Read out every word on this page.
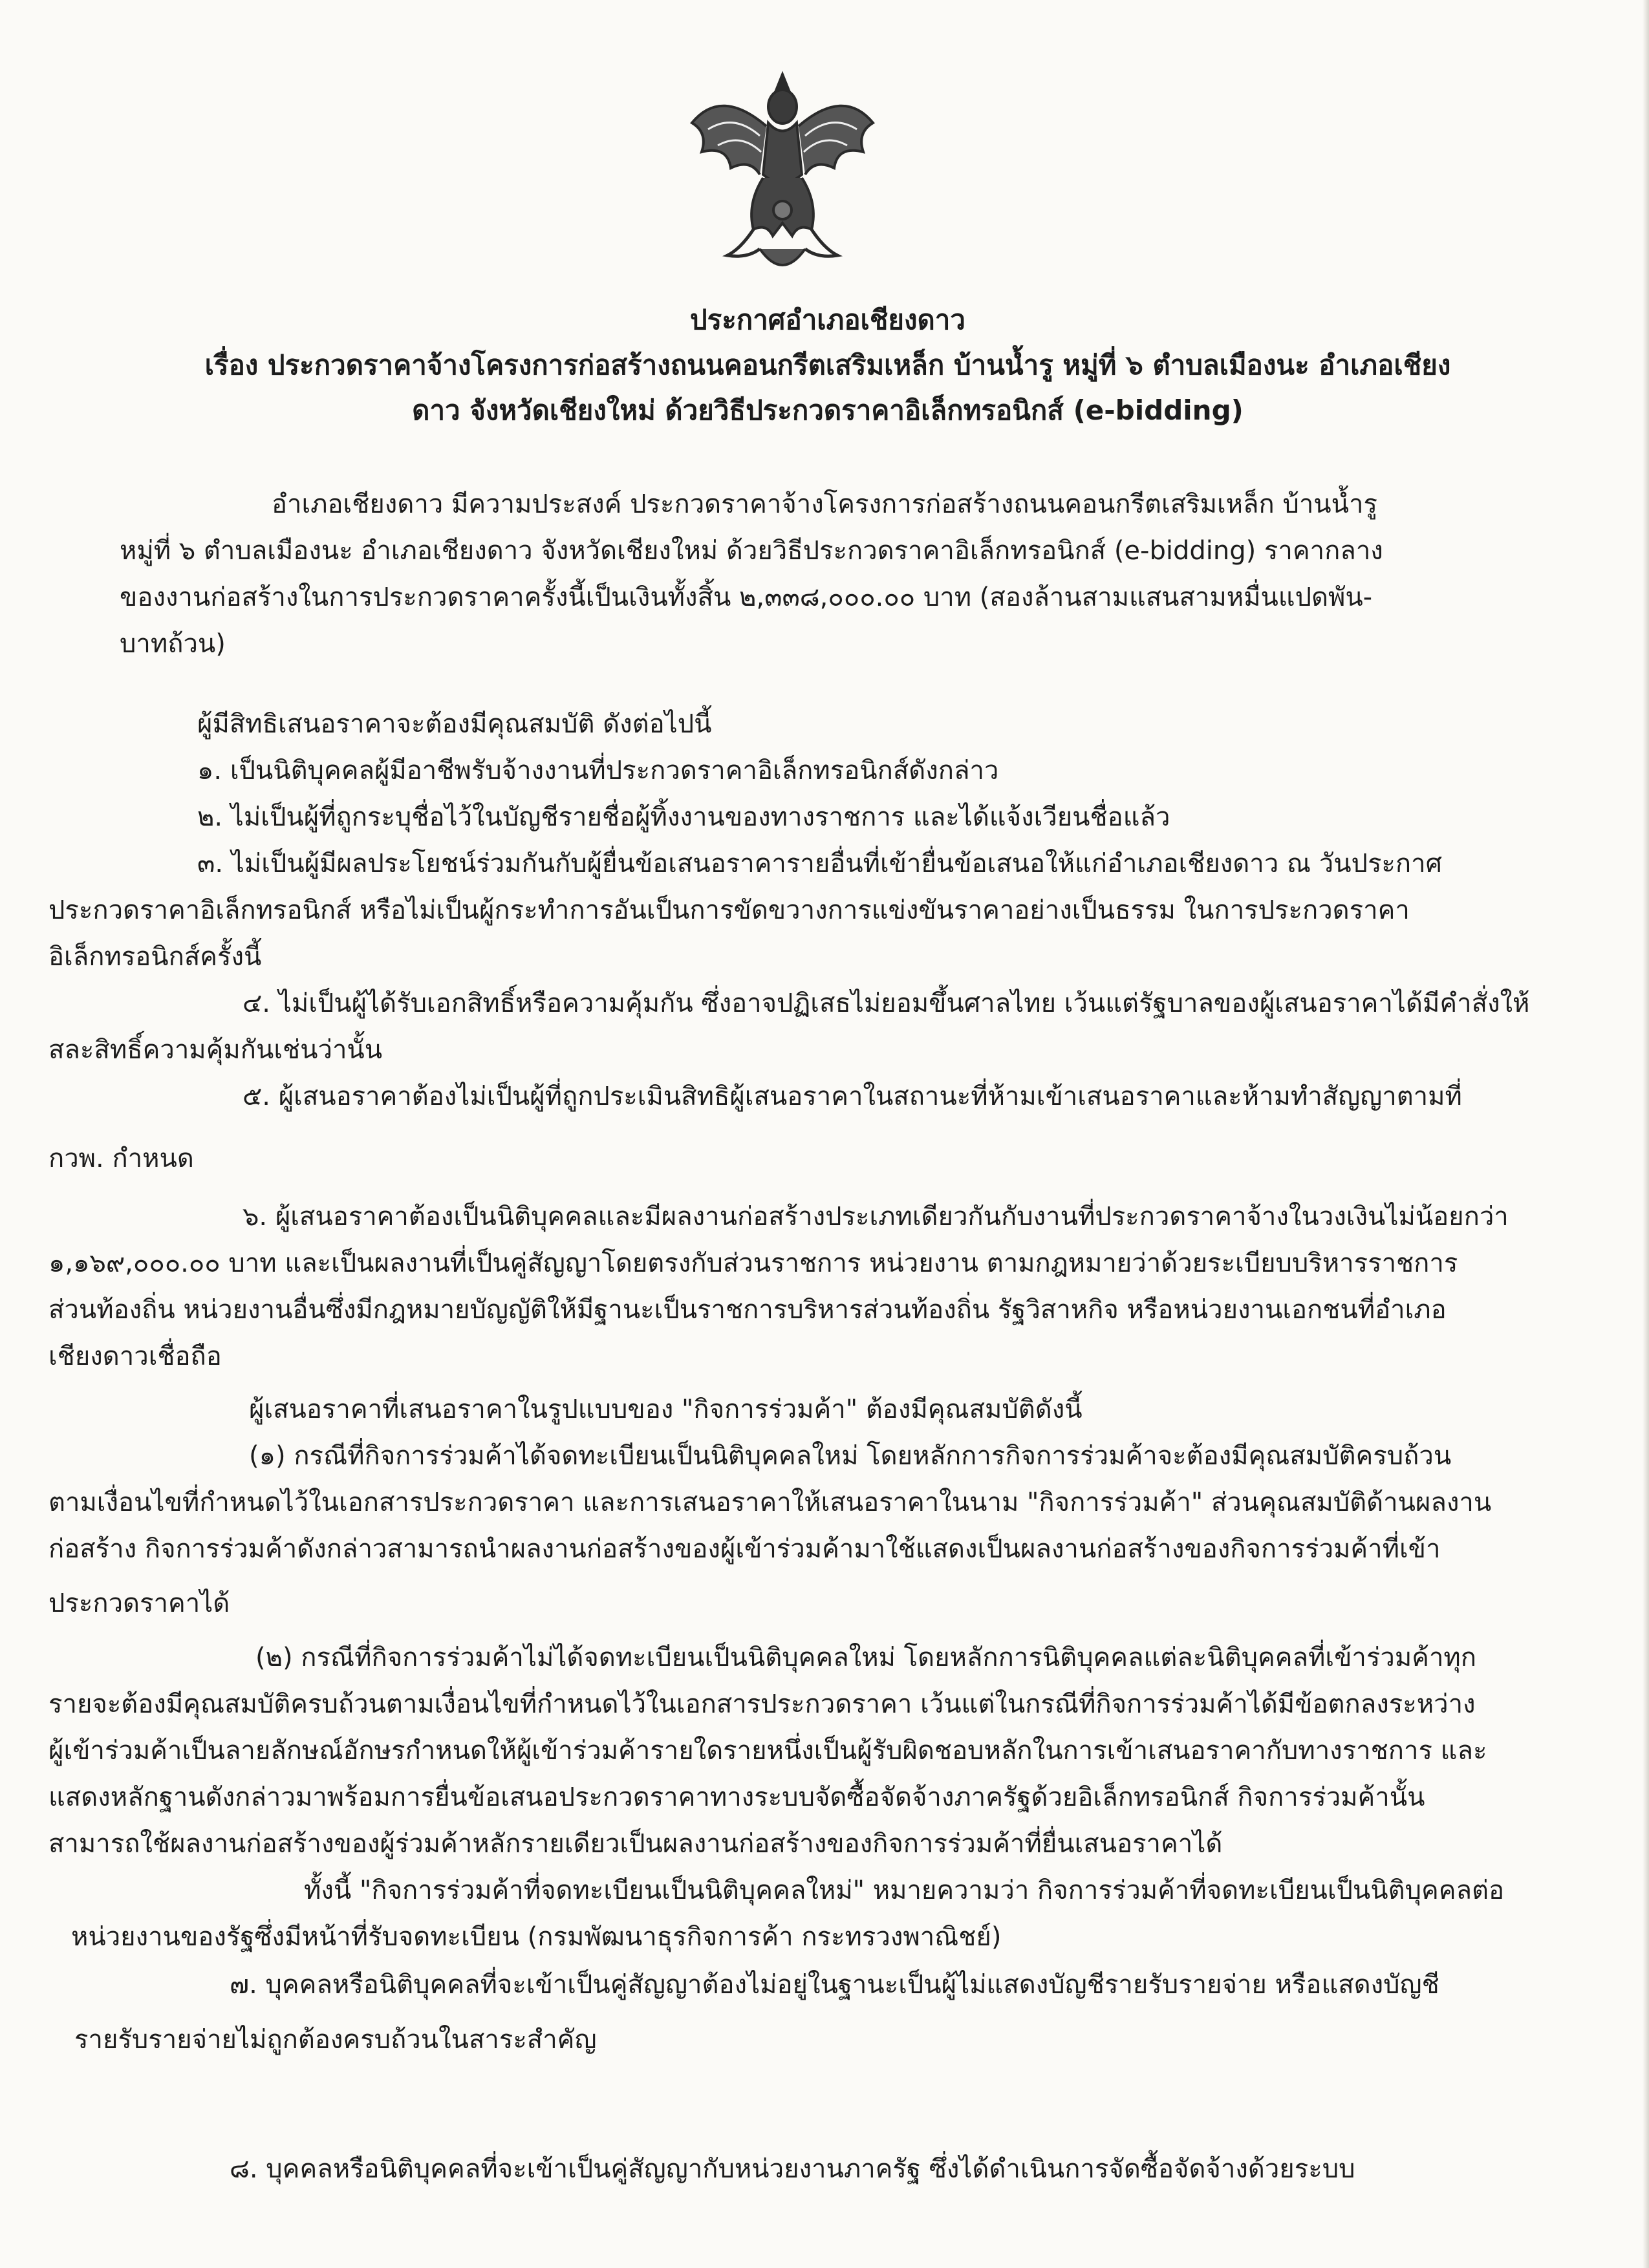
ประกาศอำเภอเชียงดาว
เรื่อง ประกวดราคาจ้างโครงการก่อสร้างถนนคอนกรีตเสริมเหล็ก บ้านน้ำรู หมู่ที่ ๖ ตำบลเมืองนะ อำเภอเชียง
ดาว จังหวัดเชียงใหม่ ด้วยวิธีประกวดราคาอิเล็กทรอนิกส์ (e-bidding)
อำเภอเชียงดาว มีความประสงค์ ประกวดราคาจ้างโครงการก่อสร้างถนนคอนกรีตเสริมเหล็ก บ้านน้ำรู
หมู่ที่ ๖ ตำบลเมืองนะ อำเภอเชียงดาว จังหวัดเชียงใหม่ ด้วยวิธีประกวดราคาอิเล็กทรอนิกส์ (e-bidding) ราคากลาง
ของงานก่อสร้างในการประกวดราคาครั้งนี้เป็นเงินทั้งสิ้น ๒,๓๓๘,๐๐๐.๐๐ บาท (สองล้านสามแสนสามหมื่นแปดพัน-
บาทถ้วน)
ผู้มีสิทธิเสนอราคาจะต้องมีคุณสมบัติ ดังต่อไปนี้
๑. เป็นนิติบุคคลผู้มีอาชีพรับจ้างงานที่ประกวดราคาอิเล็กทรอนิกส์ดังกล่าว
๒. ไม่เป็นผู้ที่ถูกระบุชื่อไว้ในบัญชีรายชื่อผู้ทิ้งงานของทางราชการ และได้แจ้งเวียนชื่อแล้ว
๓. ไม่เป็นผู้มีผลประโยชน์ร่วมกันกับผู้ยื่นข้อเสนอราคารายอื่นที่เข้ายื่นข้อเสนอให้แก่อำเภอเชียงดาว ณ วันประกาศ
ประกวดราคาอิเล็กทรอนิกส์ หรือไม่เป็นผู้กระทำการอันเป็นการขัดขวางการแข่งขันราคาอย่างเป็นธรรม ในการประกวดราคา
อิเล็กทรอนิกส์ครั้งนี้
๔. ไม่เป็นผู้ได้รับเอกสิทธิ์หรือความคุ้มกัน ซึ่งอาจปฏิเสธไม่ยอมขึ้นศาลไทย เว้นแต่รัฐบาลของผู้เสนอราคาได้มีคำสั่งให้
สละสิทธิ์ความคุ้มกันเช่นว่านั้น
๕. ผู้เสนอราคาต้องไม่เป็นผู้ที่ถูกประเมินสิทธิผู้เสนอราคาในสถานะที่ห้ามเข้าเสนอราคาและห้ามทำสัญญาตามที่
กวพ. กำหนด
๖. ผู้เสนอราคาต้องเป็นนิติบุคคลและมีผลงานก่อสร้างประเภทเดียวกันกับงานที่ประกวดราคาจ้างในวงเงินไม่น้อยกว่า
๑,๑๖๙,๐๐๐.๐๐ บาท และเป็นผลงานที่เป็นคู่สัญญาโดยตรงกับส่วนราชการ หน่วยงาน ตามกฎหมายว่าด้วยระเบียบบริหารราชการ
ส่วนท้องถิ่น หน่วยงานอื่นซึ่งมีกฎหมายบัญญัติให้มีฐานะเป็นราชการบริหารส่วนท้องถิ่น รัฐวิสาหกิจ หรือหน่วยงานเอกชนที่อำเภอ
เชียงดาวเชื่อถือ
ผู้เสนอราคาที่เสนอราคาในรูปแบบของ "กิจการร่วมค้า" ต้องมีคุณสมบัติดังนี้
(๑) กรณีที่กิจการร่วมค้าได้จดทะเบียนเป็นนิติบุคคลใหม่ โดยหลักการกิจการร่วมค้าจะต้องมีคุณสมบัติครบถ้วน
ตามเงื่อนไขที่กำหนดไว้ในเอกสารประกวดราคา และการเสนอราคาให้เสนอราคาในนาม "กิจการร่วมค้า" ส่วนคุณสมบัติด้านผลงาน
ก่อสร้าง กิจการร่วมค้าดังกล่าวสามารถนำผลงานก่อสร้างของผู้เข้าร่วมค้ามาใช้แสดงเป็นผลงานก่อสร้างของกิจการร่วมค้าที่เข้า
ประกวดราคาได้
(๒) กรณีที่กิจการร่วมค้าไม่ได้จดทะเบียนเป็นนิติบุคคลใหม่ โดยหลักการนิติบุคคลแต่ละนิติบุคคลที่เข้าร่วมค้าทุก
รายจะต้องมีคุณสมบัติครบถ้วนตามเงื่อนไขที่กำหนดไว้ในเอกสารประกวดราคา เว้นแต่ในกรณีที่กิจการร่วมค้าได้มีข้อตกลงระหว่าง
ผู้เข้าร่วมค้าเป็นลายลักษณ์อักษรกำหนดให้ผู้เข้าร่วมค้ารายใดรายหนึ่งเป็นผู้รับผิดชอบหลักในการเข้าเสนอราคากับทางราชการ และ
แสดงหลักฐานดังกล่าวมาพร้อมการยื่นข้อเสนอประกวดราคาทางระบบจัดซื้อจัดจ้างภาครัฐด้วยอิเล็กทรอนิกส์ กิจการร่วมค้านั้น
สามารถใช้ผลงานก่อสร้างของผู้ร่วมค้าหลักรายเดียวเป็นผลงานก่อสร้างของกิจการร่วมค้าที่ยื่นเสนอราคาได้
ทั้งนี้ "กิจการร่วมค้าที่จดทะเบียนเป็นนิติบุคคลใหม่" หมายความว่า กิจการร่วมค้าที่จดทะเบียนเป็นนิติบุคคลต่อ
หน่วยงานของรัฐซึ่งมีหน้าที่รับจดทะเบียน (กรมพัฒนาธุรกิจการค้า กระทรวงพาณิชย์)
๗. บุคคลหรือนิติบุคคลที่จะเข้าเป็นคู่สัญญาต้องไม่อยู่ในฐานะเป็นผู้ไม่แสดงบัญชีรายรับรายจ่าย หรือแสดงบัญชี
รายรับรายจ่ายไม่ถูกต้องครบถ้วนในสาระสำคัญ
๘. บุคคลหรือนิติบุคคลที่จะเข้าเป็นคู่สัญญากับหน่วยงานภาครัฐ ซึ่งได้ดำเนินการจัดซื้อจัดจ้างด้วยระบบ
